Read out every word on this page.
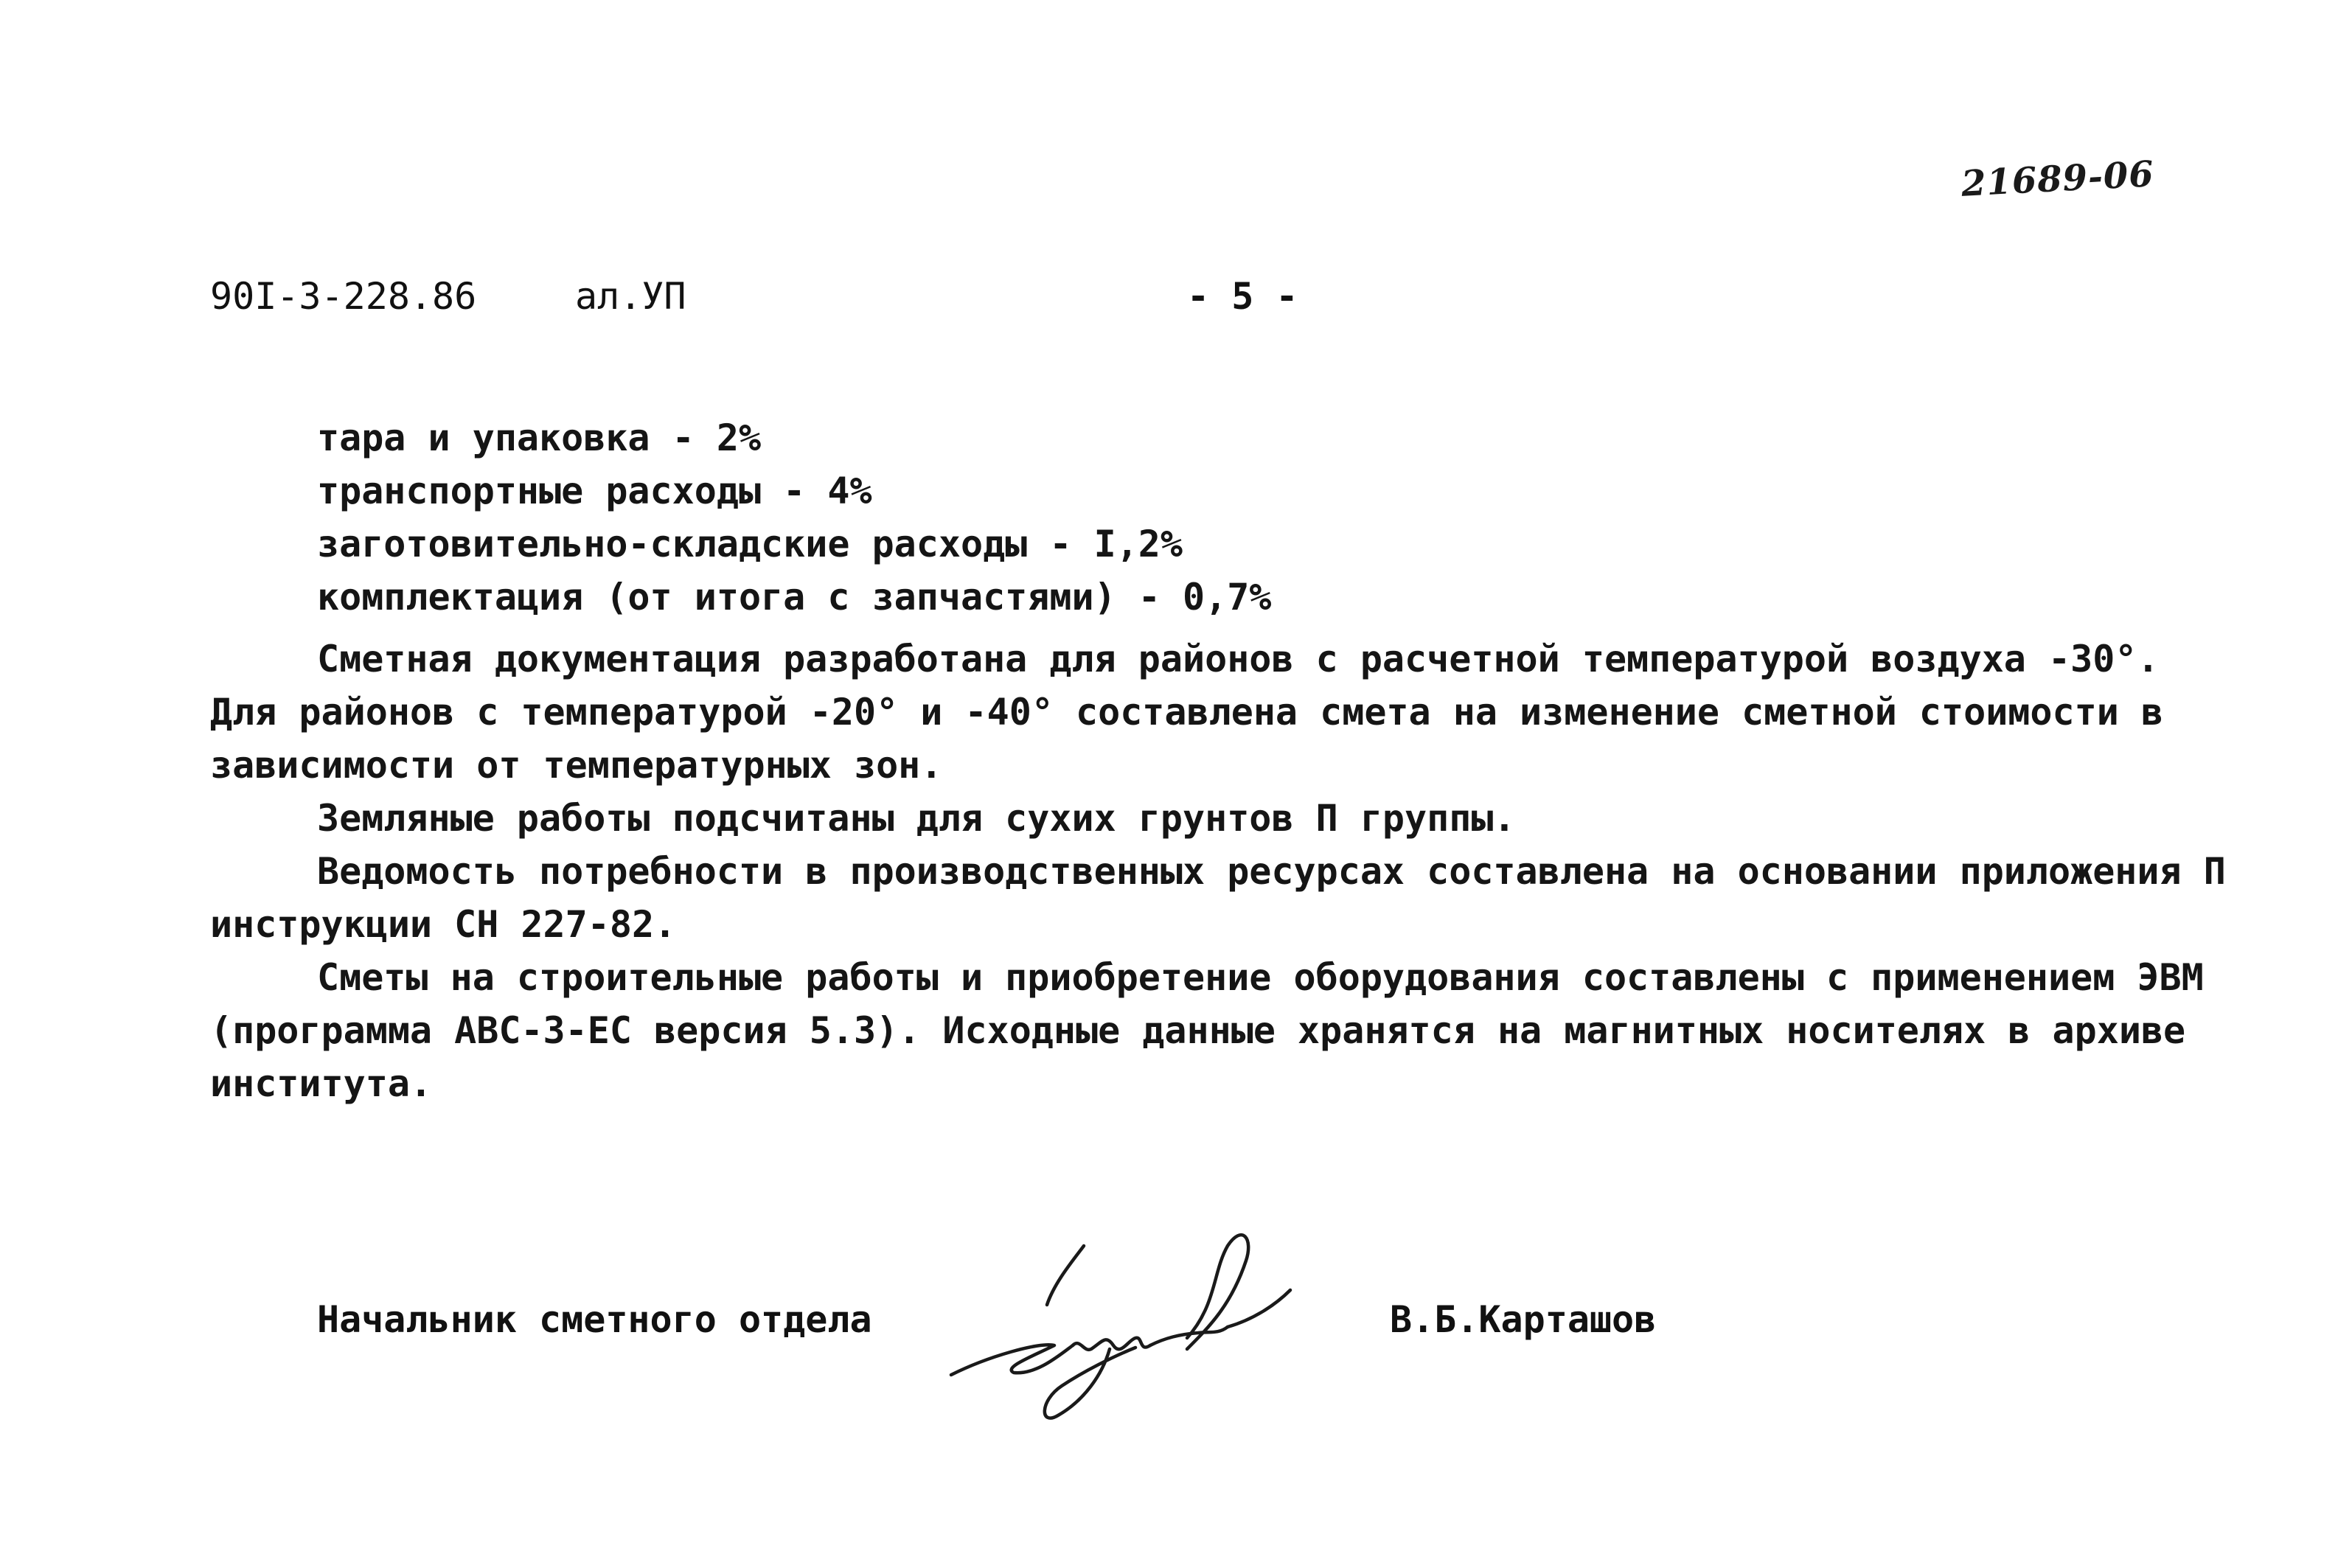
21689-06
90I-3-228.86	ал.УП	- 5 -
тара и упаковка - 2%
транспортные расходы - 4%
заготовительно-складские расходы - I,2%
комплектация (от итога с запчастями) - 0,7%
Сметная документация разработана для районов с расчетной температурой воздуха -30°.
Для районов с температурой -20° и -40° составлена смета на изменение сметной стоимости в
зависимости от температурных зон.
Земляные работы подсчитаны для сухих грунтов П группы.
Ведомость потребности в производственных ресурсах составлена на основании приложения П
инструкции СН 227-82.
Сметы на строительные работы и приобретение оборудования составлены с применением ЭВМ
(программа АВС-3-ЕС версия 5.3). Исходные данные хранятся на магнитных носителях в архиве
института.
Начальник сметного отдела	В.Б.Карташов
